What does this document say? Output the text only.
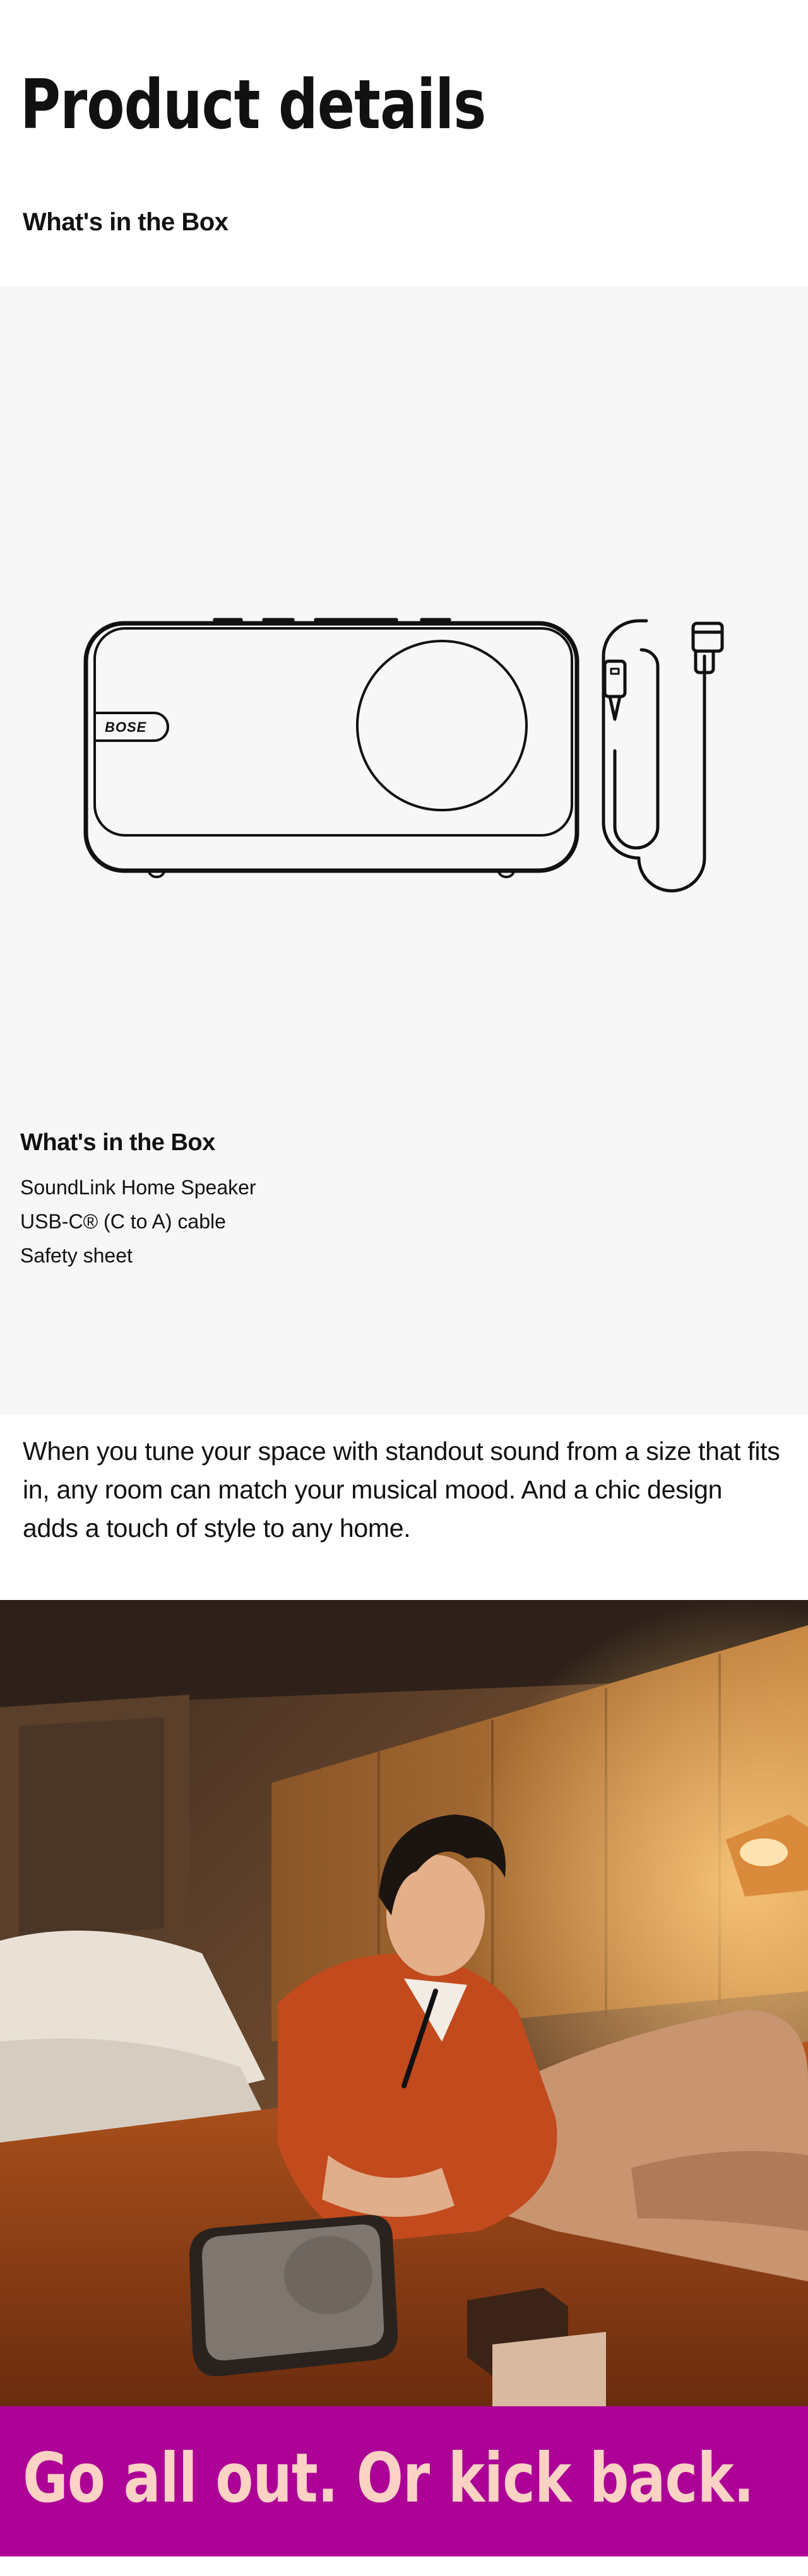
Product details
What's in the Box
BOSE
What's in the Box
SoundLink Home Speaker
USB-C® (C to A) cable
Safety sheet

When you tune your space with standout sound from a size that fits in, any room can match your musical mood. And a chic design adds a touch of style to any home.

Go all out. Or kick back.
